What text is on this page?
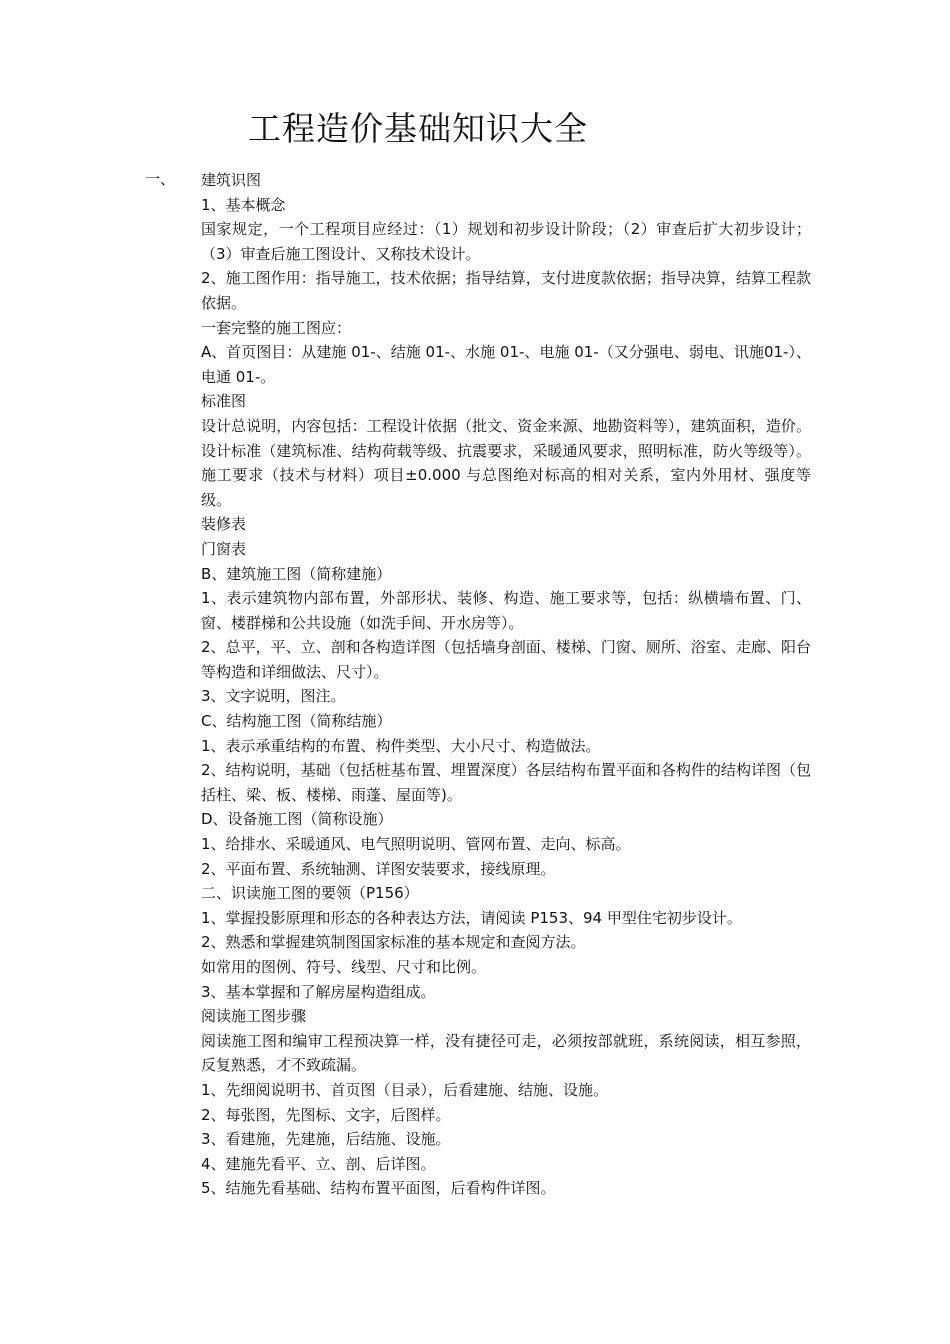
工程造价基础知识大全
一、 建筑识图

1、基本概念

国家规定，一个工程项目应经过：（1）规划和初步设计阶段；（2）审查后扩大初步设计；（3）审查后施工图设计、又称技术设计。

2、施工图作用：指导施工，技术依据；指导结算，支付进度款依据；指导决算，结算工程款依据。

一套完整的施工图应：

A、首页图目：从建施 01-、结施 01-、水施 01-、电施 01-（又分强电、弱电、讯施01-）、电通 01-。

标准图

设计总说明，内容包括：工程设计依据（批文、资金来源、地勘资料等），建筑面积，造价。设计标准（建筑标准、结构荷载等级、抗震要求，采暖通风要求，照明标准，防火等级等）。施工要求（技术与材料）项目±0.000 与总图绝对标高的相对关系，室内外用材、强度等级。

装修表

门窗表

B、建筑施工图（简称建施）

1、表示建筑物内部布置，外部形状、装修、构造、施工要求等，包括：纵横墙布置、门、窗、楼群梯和公共设施（如洗手间、开水房等）。

2、总平，平、立、剖和各构造详图（包括墙身剖面、楼梯、门窗、厕所、浴室、走廊、阳台等构造和详细做法、尺寸）。

3、文字说明，图注。

C、结构施工图（简称结施）

1、表示承重结构的布置、构件类型、大小尺寸、构造做法。

2、结构说明，基础（包括桩基布置、埋置深度）各层结构布置平面和各构件的结构详图（包括柱、梁、板、楼梯、雨蓬、屋面等)。

D、设备施工图（简称设施）

1、给排水、采暖通风、电气照明说明、管网布置、走向、标高。

2、平面布置、系统轴测、详图安装要求，接线原理。

二、识读施工图的要领（P156）

1、掌握投影原理和形态的各种表达方法，请阅读 P153、94 甲型住宅初步设计。

2、熟悉和掌握建筑制图国家标准的基本规定和查阅方法。

如常用的图例、符号、线型、尺寸和比例。

3、基本掌握和了解房屋构造组成。

阅读施工图步骤

阅读施工图和编审工程预决算一样，没有捷径可走，必须按部就班，系统阅读，相互参照，反复熟悉，才不致疏漏。

1、先细阅说明书、首页图（目录），后看建施、结施、设施。

2、每张图，先图标、文字，后图样。

3、看建施，先建施，后结施、设施。

4、建施先看平、立、剖、后详图。

5、结施先看基础、结构布置平面图，后看构件详图。
